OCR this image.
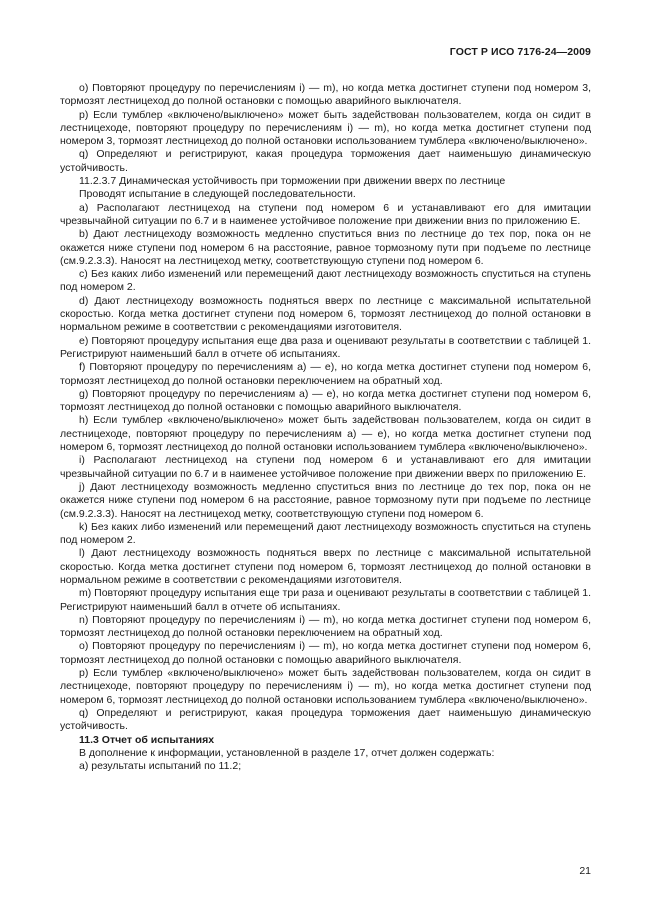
ГОСТ Р ИСО 7176-24—2009

o) Повторяют процедуру по перечислениям i) — m), но когда метка достигнет ступени под номером 3, тормозят лестницеход до полной остановки с помощью аварийного выключателя.

p) Если тумблер «включено/выключено» может быть задействован пользователем, когда он сидит в лестницеходе, повторяют процедуру по перечислениям i) — m), но когда метка достигнет ступени под номером 3, тормозят лестницеход до полной остановки использованием тумблера «включено/выключено».

q) Определяют и регистрируют, какая процедура торможения дает наименьшую динамическую устойчивость.

11.2.3.7 Динамическая устойчивость при торможении при движении вверх по лестнице

Проводят испытание в следующей последовательности.

a) Располагают лестницеход на ступени под номером 6 и устанавливают его для имитации чрезвычайной ситуации по 6.7 и в наименее устойчивое положение при движении вниз по приложению Е.

b) Дают лестницеходу возможность медленно спуститься вниз по лестнице до тех пор, пока он не окажется ниже ступени под номером 6 на расстояние, равное тормозному пути при подъеме по лестнице (см.9.2.3.3). Наносят на лестницеход метку, соответствующую ступени под номером 6.

c) Без каких либо изменений или перемещений дают лестницеходу возможность спуститься на ступень под номером 2.

d) Дают лестницеходу возможность подняться вверх по лестнице с максимальной испытательной скоростью. Когда метка достигнет ступени под номером 6, тормозят лестницеход до полной остановки в нормальном режиме в соответствии с рекомендациями изготовителя.

e) Повторяют процедуру испытания еще два раза и оценивают результаты в соответствии с таблицей 1. Регистрируют наименьший балл в отчете об испытаниях.

f) Повторяют процедуру по перечислениям a) — e), но когда метка достигнет ступени под номером 6, тормозят лестницеход до полной остановки переключением на обратный ход.

g) Повторяют процедуру по перечислениям a) — e), но когда метка достигнет ступени под номером 6, тормозят лестницеход до полной остановки с помощью аварийного выключателя.

h) Если тумблер «включено/выключено» может быть задействован пользователем, когда он сидит в лестницеходе, повторяют процедуру по перечислениям a) — e), но когда метка достигнет ступени под номером 6, тормозят лестницеход до полной остановки использованием тумблера «включено/выключено».

i) Располагают лестницеход на ступени под номером 6 и устанавливают его для имитации чрезвычайной ситуации по 6.7 и в наименее устойчивое положение при движении вверх по приложению Е.

j) Дают лестницеходу возможность медленно спуститься вниз по лестнице до тех пор, пока он не окажется ниже ступени под номером 6 на расстояние, равное тормозному пути при подъеме по лестнице (см.9.2.3.3). Наносят на лестницеход метку, соответствующую ступени под номером 6.

k) Без каких либо изменений или перемещений дают лестницеходу возможность спуститься на ступень под номером 2.

l) Дают лестницеходу возможность подняться вверх по лестнице с максимальной испытательной скоростью. Когда метка достигнет ступени под номером 6, тормозят лестницеход до полной остановки в нормальном режиме в соответствии с рекомендациями изготовителя.

m) Повторяют процедуру испытания еще три раза и оценивают результаты в соответствии с таблицей 1. Регистрируют наименьший балл в отчете об испытаниях.

n) Повторяют процедуру по перечислениям i) — m), но когда метка достигнет ступени под номером 6, тормозят лестницеход до полной остановки переключением на обратный ход.

o) Повторяют процедуру по перечислениям i) — m), но когда метка достигнет ступени под номером 6, тормозят лестницеход до полной остановки с помощью аварийного выключателя.

p) Если тумблер «включено/выключено» может быть задействован пользователем, когда он сидит в лестницеходе, повторяют процедуру по перечислениям i) — m), но когда метка достигнет ступени под номером 6, тормозят лестницеход до полной остановки использованием тумблера «включено/выключено».

q) Определяют и регистрируют, какая процедура торможения дает наименьшую динамическую устойчивость.

11.3 Отчет об испытаниях

В дополнение к информации, установленной в разделе 17, отчет должен содержать:

а) результаты испытаний по 11.2;

21
